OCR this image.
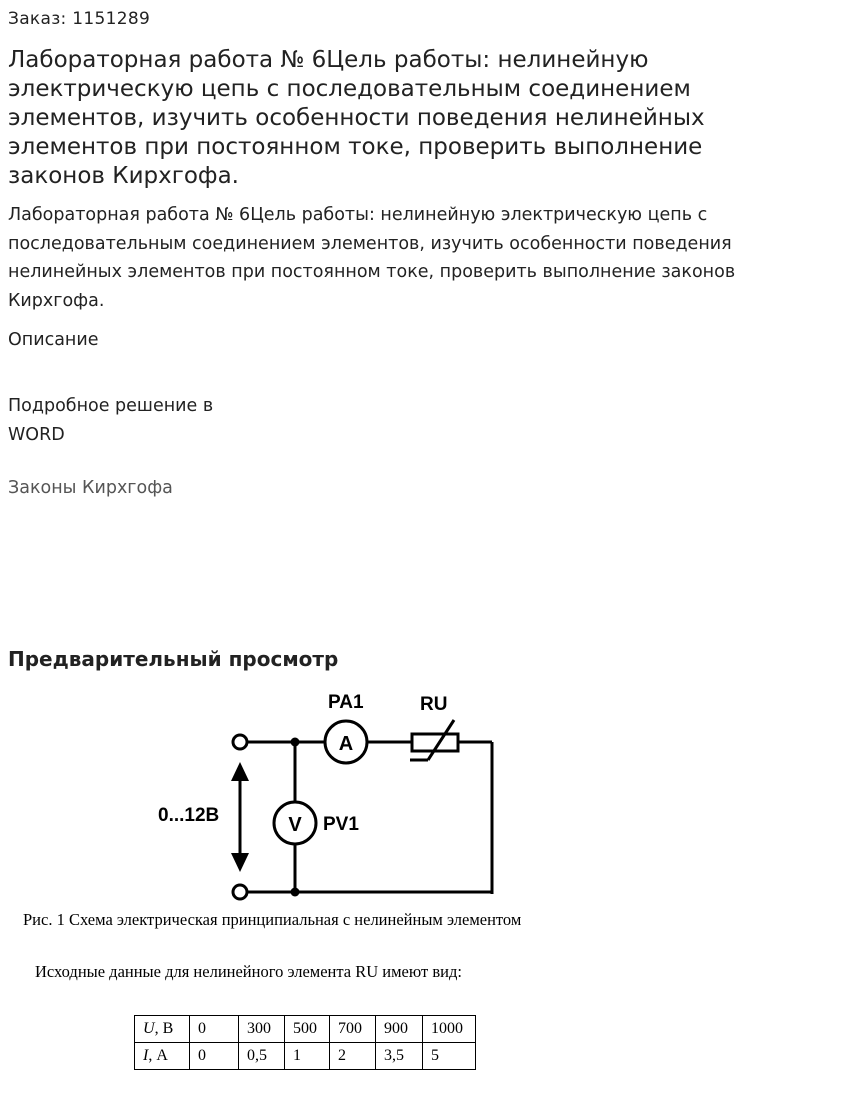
Заказ: 1151289
Лабораторная работа № 6Цель работы: нелинейную электрическую цепь с последовательным соединением элементов, изучить особенности поведения нелинейных элементов при постоянном токе, проверить выполнение законов Кирхгофа.

Лабораторная работа № 6Цель работы: нелинейную электрическую цепь с последовательным соединением элементов, изучить особенности поведения нелинейных элементов при постоянном токе, проверить выполнение законов Кирхгофа.

Описание

Подробное решение в WORD

Законы Кирхгофа
Предварительный просмотр
A
V
PA1	RU
PV1
0...12В
Рис. 1 Схема электрическая принципиальная с нелинейным элементом
Исходные данные для нелинейного элемента RU имеют вид:
U, В	0	300	500	700	900	1000
I, А	0	0,5	1	2	3,5	5
